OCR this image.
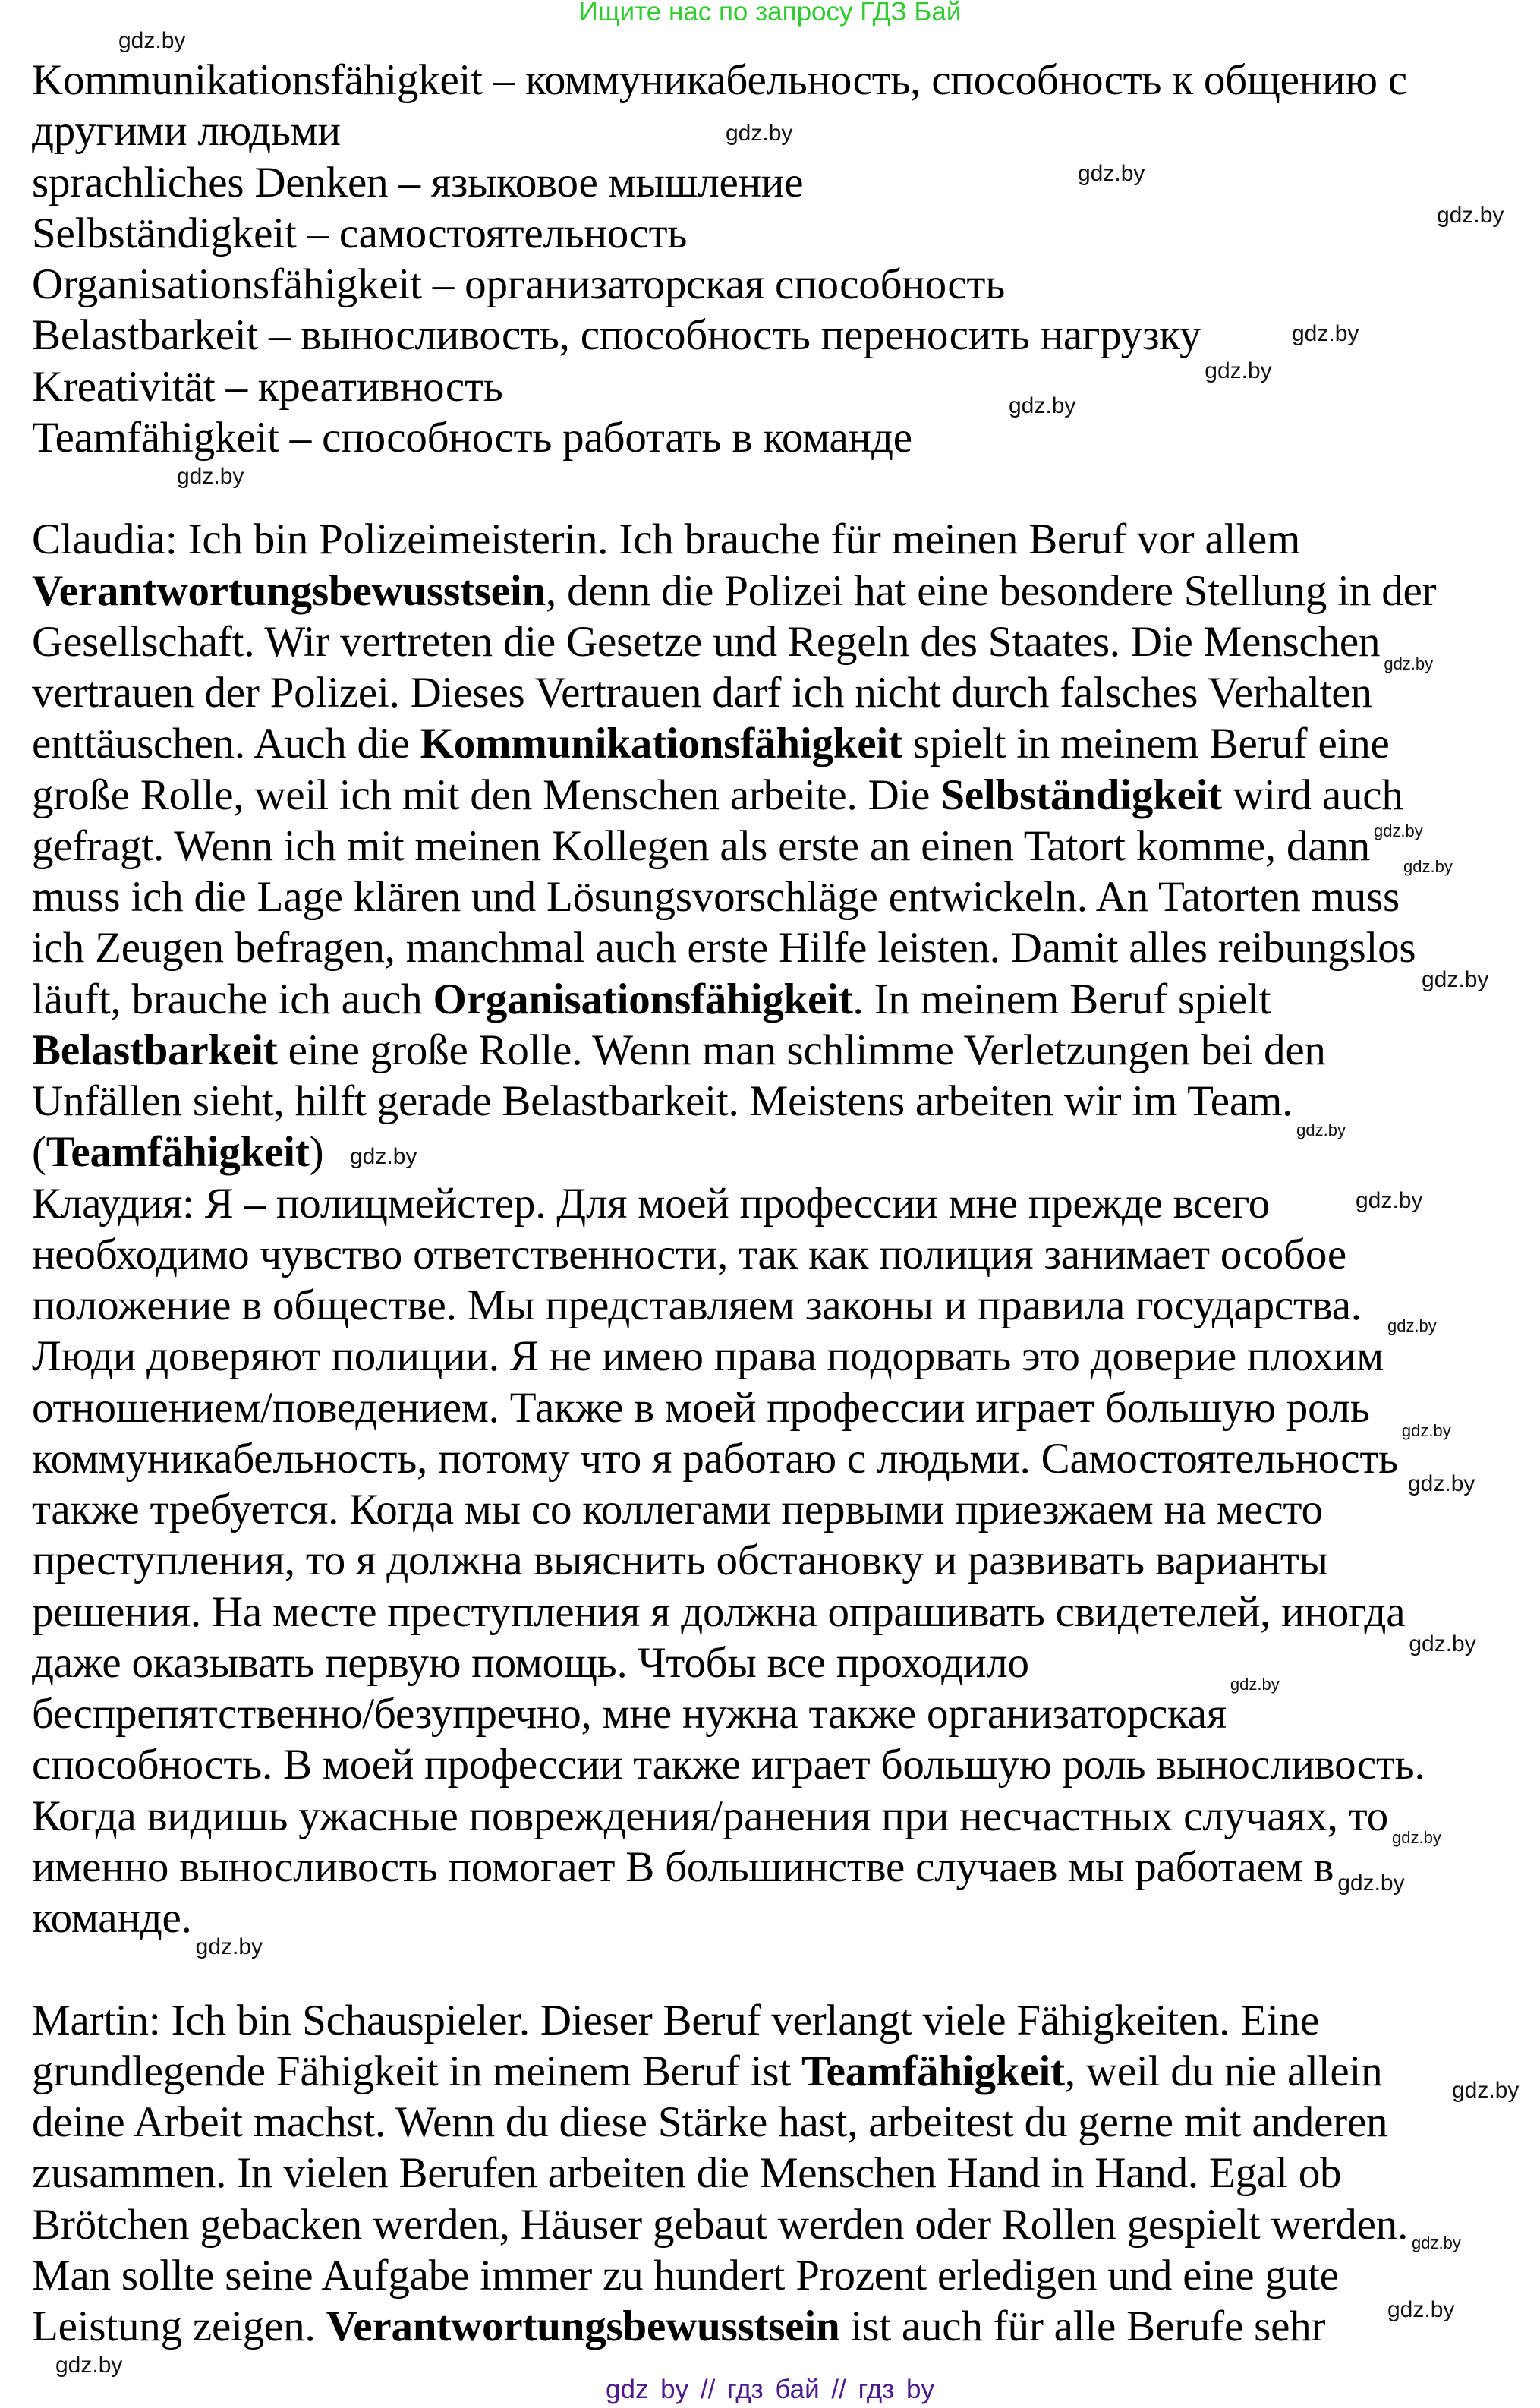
Ищите нас по запросу ГДЗ Бай
Kommunikationsfähigkeit – коммуникабельность, способность к общению с
другими людьми
sprachliches Denken – языковое мышление
Selbständigkeit – самостоятельность
Organisationsfähigkeit – организаторская способность
Belastbarkeit – выносливость, способность переносить нагрузку
Kreativität – креативность
Teamfähigkeit – способность работать в команде
Claudia: Ich bin Polizeimeisterin. Ich brauche für meinen Beruf vor allem
Verantwortungsbewusstsein, denn die Polizei hat eine besondere Stellung in der
Gesellschaft. Wir vertreten die Gesetze und Regeln des Staates. Die Menschen
vertrauen der Polizei. Dieses Vertrauen darf ich nicht durch falsches Verhalten
enttäuschen. Auch die Kommunikationsfähigkeit spielt in meinem Beruf eine
große Rolle, weil ich mit den Menschen arbeite. Die Selbständigkeit wird auch
gefragt. Wenn ich mit meinen Kollegen als erste an einen Tatort komme, dann
muss ich die Lage klären und Lösungsvorschläge entwickeln. An Tatorten muss
ich Zeugen befragen, manchmal auch erste Hilfe leisten. Damit alles reibungslos
läuft, brauche ich auch Organisationsfähigkeit. In meinem Beruf spielt
Belastbarkeit eine große Rolle. Wenn man schlimme Verletzungen bei den
Unfällen sieht, hilft gerade Belastbarkeit. Meistens arbeiten wir im Team.
(Teamfähigkeit)
Клаудия: Я – полицмейстер. Для моей профессии мне прежде всего
необходимо чувство ответственности, так как полиция занимает особое
положение в обществе. Мы представляем законы и правила государства.
Люди доверяют полиции. Я не имею права подорвать это доверие плохим
отношением/поведением. Также в моей профессии играет большую роль
коммуникабельность, потому что я работаю с людьми. Самостоятельность
также требуется. Когда мы со коллегами первыми приезжаем на место
преступления, то я должна выяснить обстановку и развивать варианты
решения. На месте преступления я должна опрашивать свидетелей, иногда
даже оказывать первую помощь. Чтобы все проходило
беспрепятственно/безупречно, мне нужна также организаторская
способность. В моей профессии также играет большую роль выносливость.
Когда видишь ужасные повреждения/ранения при несчастных случаях, то
именно выносливость помогает В большинстве случаев мы работаем в
команде.
Martin: Ich bin Schauspieler. Dieser Beruf verlangt viele Fähigkeiten. Eine
grundlegende Fähigkeit in meinem Beruf ist Teamfähigkeit, weil du nie allein
deine Arbeit machst. Wenn du diese Stärke hast, arbeitest du gerne mit anderen
zusammen. In vielen Berufen arbeiten die Menschen Hand in Hand. Egal ob
Brötchen gebacken werden, Häuser gebaut werden oder Rollen gespielt werden.
Man sollte seine Aufgabe immer zu hundert Prozent erledigen und eine gute
Leistung zeigen. Verantwortungsbewusstsein ist auch für alle Berufe sehr
gdz.by
gdz.by
gdz.by
gdz.by
gdz.by
gdz.by
gdz.by
gdz.by
gdz.by
gdz.by
gdz.by
gdz.by
gdz.by
gdz.by
gdz.by
gdz.by
gdz.by
gdz.by
gdz.by
gdz.by
gdz.by
gdz.by
gdz.by
gdz.by
gdz.by
gdz.by
gdz.by
gdz by // гдз бай // гдз by
